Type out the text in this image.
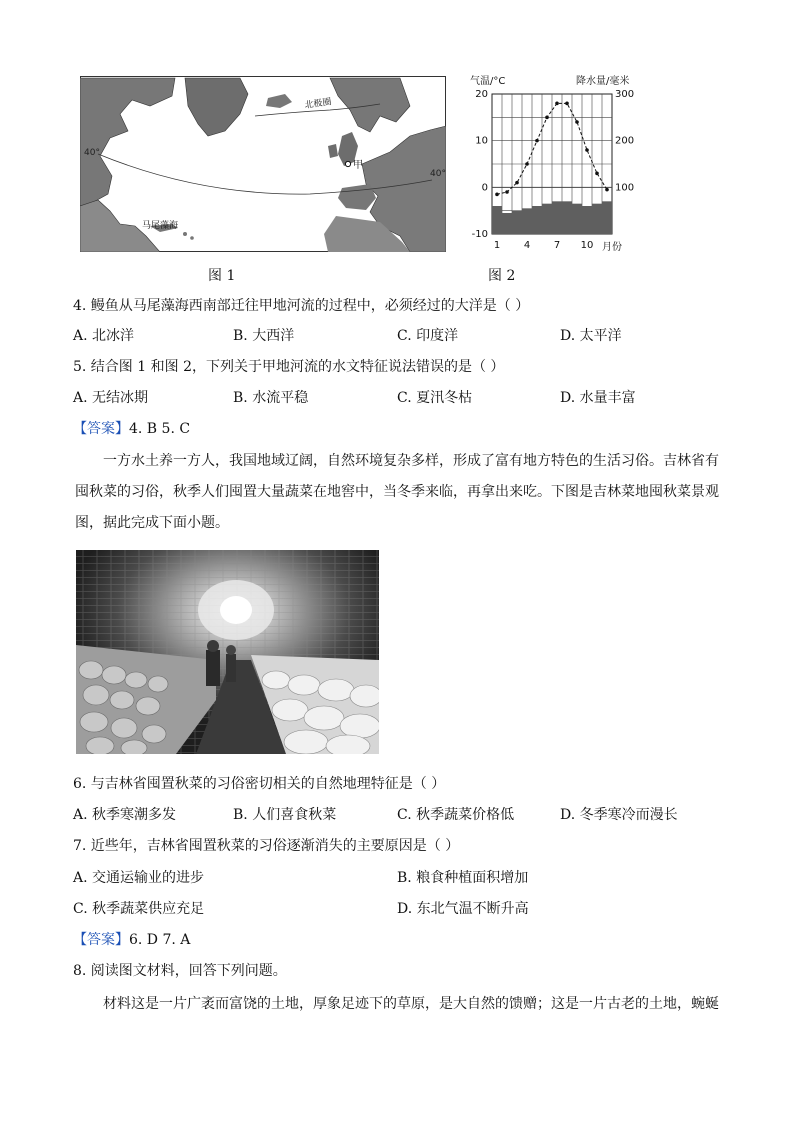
北极圈
40°
40°
甲
马尾藻海
图 1
气温/°C	降水量/毫米
20
10
0
-10
300
200
100
1 4 7 10 月份
图 2
4. 鳗鱼从马尾藻海西南部迁往甲地河流的过程中，必须经过的大洋是（ ）
A. 北冰洋	B. 大西洋	C. 印度洋	D. 太平洋
5. 结合图 1 和图 2，下列关于甲地河流的水文特征说法错误的是（ ）
A. 无结冰期	B. 水流平稳	C. 夏汛冬枯	D. 水量丰富
【答案】4. B 5. C
一方水土养一方人，我国地域辽阔，自然环境复杂多样，形成了富有地方特色的生活习俗。吉林省有
囤秋菜的习俗，秋季人们囤置大量蔬菜在地窖中，当冬季来临，再拿出来吃。下图是吉林菜地囤秋菜景观
图，据此完成下面小题。
6. 与吉林省囤置秋菜的习俗密切相关的自然地理特征是（ ）
A. 秋季寒潮多发	B. 人们喜食秋菜	C. 秋季蔬菜价格低	D. 冬季寒冷而漫长
7. 近些年，吉林省囤置秋菜的习俗逐渐消失的主要原因是（ ）
A. 交通运输业的进步	B. 粮食种植面积增加
C. 秋季蔬菜供应充足	D. 东北气温不断升高
【答案】6. D 7. A
8. 阅读图文材料，回答下列问题。
材料这是一片广袤而富饶的土地，厚象足迹下的草原，是大自然的馈赠；这是一片古老的土地，蜿蜒
